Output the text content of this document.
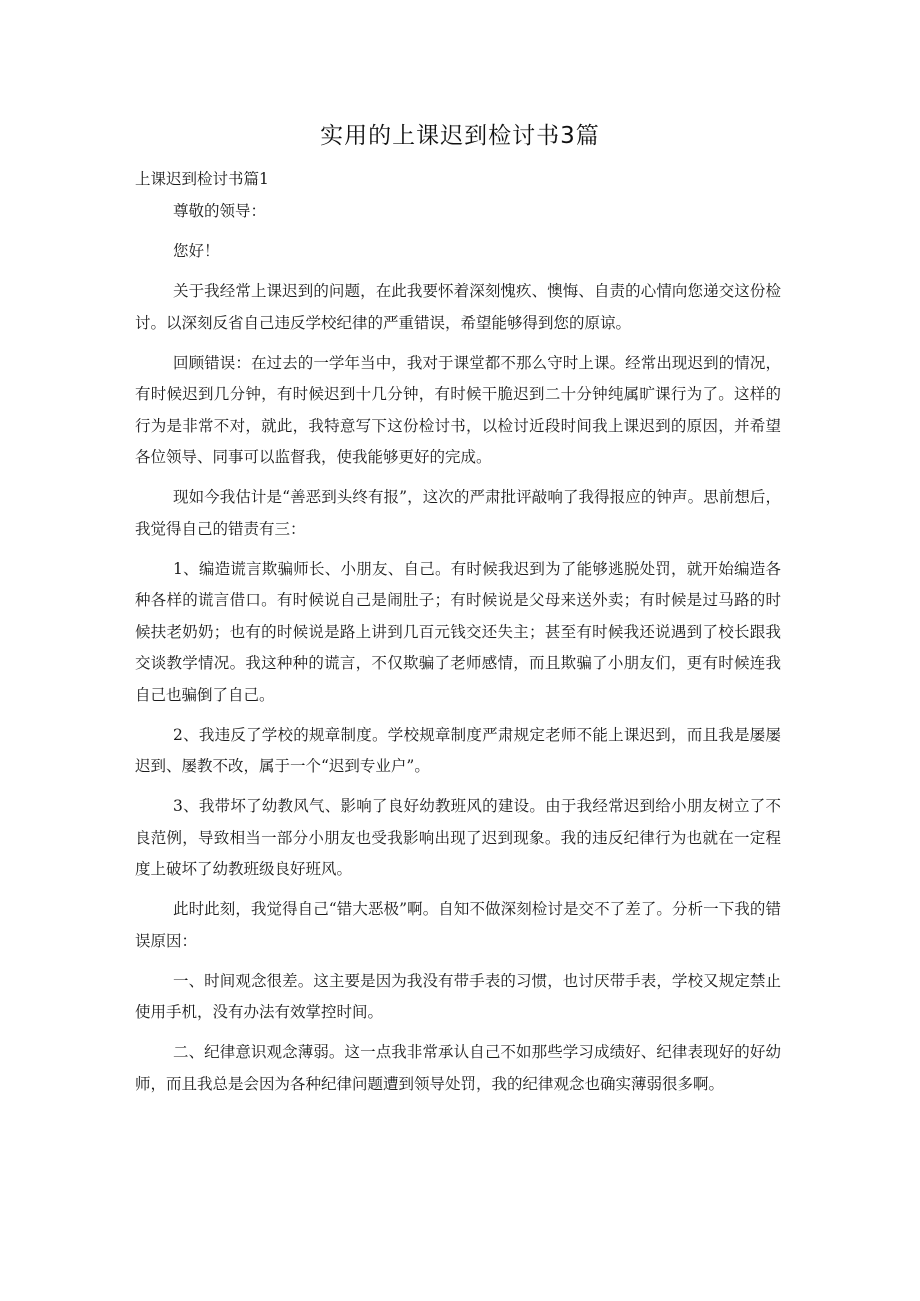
实用的上课迟到检讨书3篇
上课迟到检讨书篇1

尊敬的领导：

您好！

关于我经常上课迟到的问题，在此我要怀着深刻愧疚、懊悔、自责的心情向您递交这份检讨。以深刻反省自己违反学校纪律的严重错误，希望能够得到您的原谅。

回顾错误：在过去的一学年当中，我对于课堂都不那么守时上课。经常出现迟到的情况，有时候迟到几分钟，有时候迟到十几分钟，有时候干脆迟到二十分钟纯属旷课行为了。这样的行为是非常不对，就此，我特意写下这份检讨书，以检讨近段时间我上课迟到的原因，并希望各位领导、同事可以监督我，使我能够更好的完成。

现如今我估计是“善恶到头终有报”，这次的严肃批评敲响了我得报应的钟声。思前想后，我觉得自己的错责有三：

1、编造谎言欺骗师长、小朋友、自己。有时候我迟到为了能够逃脱处罚，就开始编造各种各样的谎言借口。有时候说自己是闹肚子；有时候说是父母来送外卖；有时候是过马路的时候扶老奶奶；也有的时候说是路上讲到几百元钱交还失主；甚至有时候我还说遇到了校长跟我交谈教学情况。我这种种的谎言，不仅欺骗了老师感情，而且欺骗了小朋友们，更有时候连我自己也骗倒了自己。

2、我违反了学校的规章制度。学校规章制度严肃规定老师不能上课迟到，而且我是屡屡迟到、屡教不改，属于一个“迟到专业户”。

3、我带坏了幼教风气、影响了良好幼教班风的建设。由于我经常迟到给小朋友树立了不良范例，导致相当一部分小朋友也受我影响出现了迟到现象。我的违反纪律行为也就在一定程度上破坏了幼教班级良好班风。

此时此刻，我觉得自己“错大恶极”啊。自知不做深刻检讨是交不了差了。分析一下我的错误原因：

一、时间观念很差。这主要是因为我没有带手表的习惯，也讨厌带手表，学校又规定禁止使用手机，没有办法有效掌控时间。

二、纪律意识观念薄弱。这一点我非常承认自己不如那些学习成绩好、纪律表现好的好幼师，而且我总是会因为各种纪律问题遭到领导处罚，我的纪律观念也确实薄弱很多啊。
